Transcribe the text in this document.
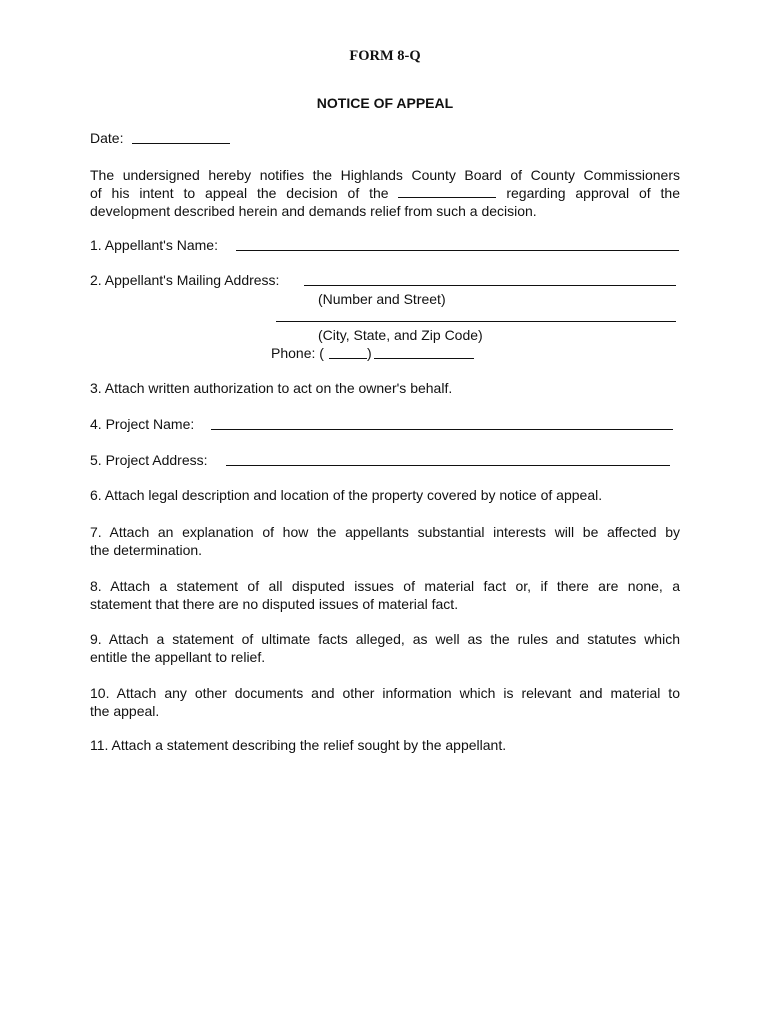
FORM 8-Q
NOTICE OF APPEAL
Date:
The undersigned hereby notifies the Highlands County Board of County Commissioners
of his intent to appeal the decision of the	regarding approval of the
development described herein and demands relief from such a decision.
1. Appellant's Name:
2. Appellant's Mailing Address:
(Number and Street)
(City, State, and Zip Code)
Phone: (	)
3. Attach written authorization to act on the owner's behalf.
4. Project Name:
5. Project Address:
6. Attach legal description and location of the property covered by notice of appeal.
7. Attach an explanation of how the appellants substantial interests will be affected by
the determination.
8. Attach a statement of all disputed issues of material fact or, if there are none, a
statement that there are no disputed issues of material fact.
9. Attach a statement of ultimate facts alleged, as well as the rules and statutes which
entitle the appellant to relief.
10. Attach any other documents and other information which is relevant and material to
the appeal.
11. Attach a statement describing the relief sought by the appellant.
